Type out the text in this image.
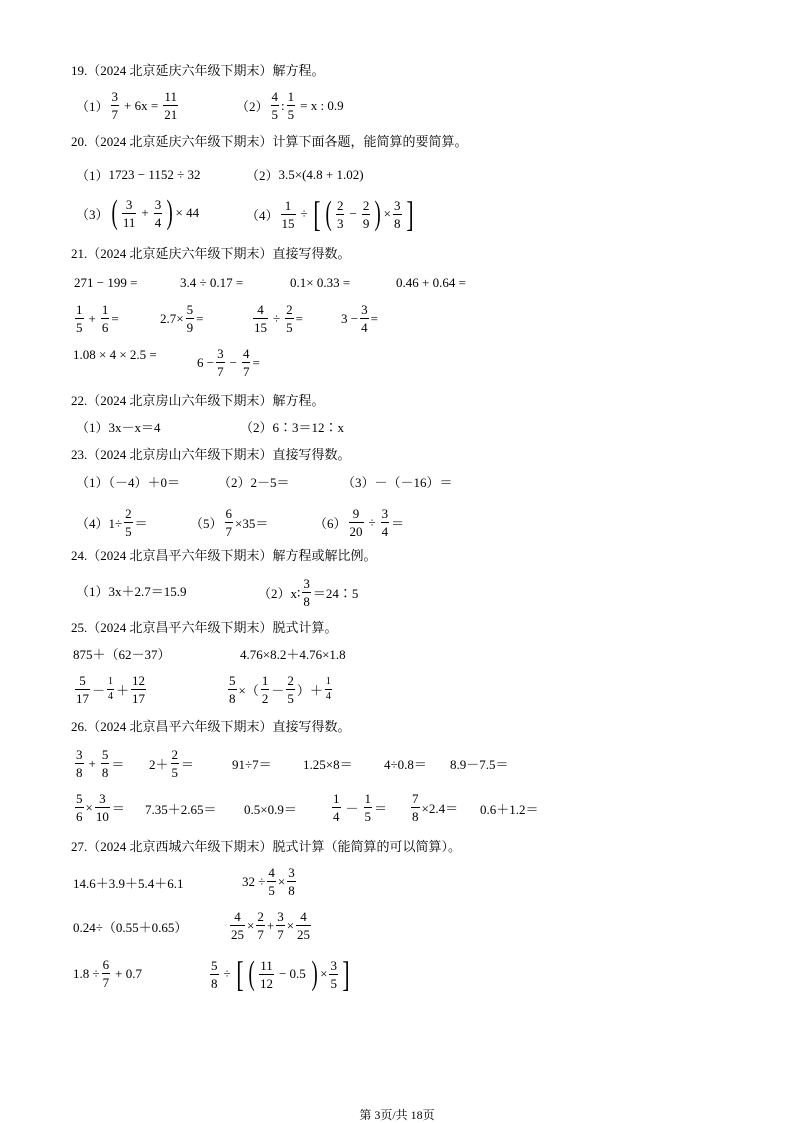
19.（2024 北京延庆六年级下期末）解方程。
（1）
3
7
+ $6x = \frac{11}{21}$	（2）
4
5
: $\frac{1}{5} = x$ : 0.9
20.（2024 北京延庆六年级下期末）计算下面各题，能简算的要简算。
（1） 1723 − 1152 ÷ 32	（2） 3.5×(4.8 + 1.02)
（3） ( 3
11
+ $\frac{3}{4}$ ) × 44	$(4) \frac{1}{15}$ ÷ [ ( 2
3
− $\frac{2}{9}$ ) × $\frac{3}{8}$ ]
21.（2024 北京延庆六年级下期末）直接写得数。
271 − 199 =	3.4 ÷ 0.17 =	0.1× 0.33 =	0.46 + 0.64 =
1
5
+ $\frac{1}{6}$ =	$2.7\times \frac{5}{9}$ =	$\frac{4}{15} \div \frac{2}{5}$ =	$3 - \frac{3}{4}$ =
1.08 × 4 × 2.5 =	$6 - \frac{3}{7} - \frac{4}{7}$ =
22.（2024 北京房山六年级下期末）解方程。
（1）3x－x＝4	（2）6∶3＝12∶x
23.（2024 北京房山六年级下期末）直接写得数。
（1）（－4）＋0＝	（2）2－5＝	（3）－（－16）＝
$(4)1\div \frac{2}{5}$ ＝	$(5) \frac{6}{7} \times 35=$	$(6) \frac{9}{20} \div \frac{3}{4}$ ＝
24.（2024 北京昌平六年级下期末）解方程或解比例。
（1）3x＋2.7＝15.9	（2）x∶
3
8
＝24∶5
25.（2024 北京昌平六年级下期末）脱式计算。
875＋（62－37）	4.76×8.2＋4.76×1.8
5
17
－
1
4 ＋
12
17	$\frac{5}{8}$ ×（
1
2
－
2
5
）＋
1
4
26.（2024 北京昌平六年级下期末）直接写得数。
3
8
+ $\frac{5}{8} = 2+$
2
5
＝	91÷7＝ 1.25×8＝ 4÷0.8＝ 8.9－7.5＝
$\frac{5}{6} \times \frac{3}{10} = 7.35+2.65= 0.5\times 0.9=$
1
4
－
1
5
＝ $\frac{7}{8} \times 2.4= 0.6+1.2=$
27.（2024 北京西城六年级下期末）脱式计算（能简算的可以简算）。
14.6＋3.9＋5.4＋6.1	$32 \div \frac{4}{5} \times \frac{3}{8}$
0.24÷（0.55＋0.65）	$\frac{4}{25} \times \frac{2}{7} + \frac{3}{7} \times \frac{4}{25}$
$1.8 \div \frac{6}{7} + 0.7$	$\frac{5}{8}$ ÷ [ ( 11
12
− 0.5 ) × $\frac{3}{5}$ ]
第 3页/共 18页
